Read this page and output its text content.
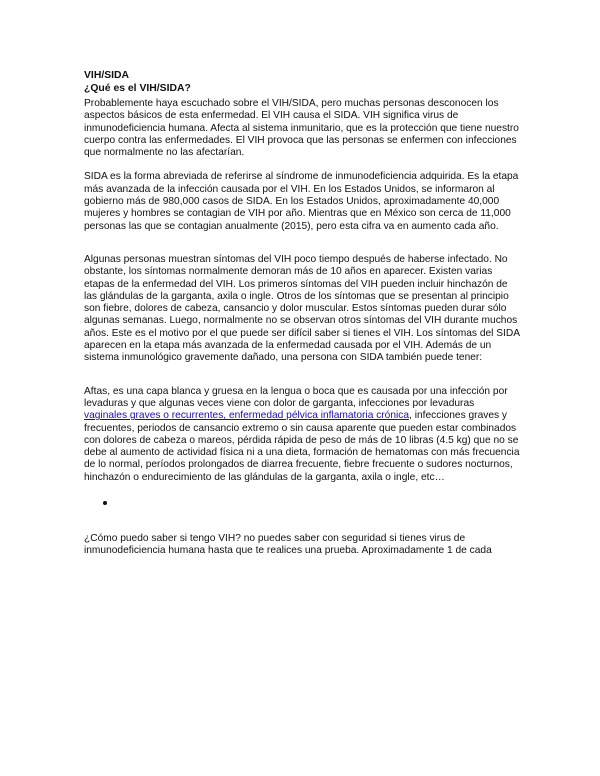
VIH/SIDA
¿Qué es el VIH/SIDA?

Probablemente haya escuchado sobre el VIH/SIDA, pero muchas personas desconocen los aspectos básicos de esta enfermedad. El VIH causa el SIDA. VIH significa virus de inmunodeficiencia humana. Afecta al sistema inmunitario, que es la protección que tiene nuestro cuerpo contra las enfermedades. El VIH provoca que las personas se enfermen con infecciones que normalmente no las afectarían.

SIDA es la forma abreviada de referirse al síndrome de inmunodeficiencia adquirida. Es la etapa más avanzada de la infección causada por el VIH. En los Estados Unidos, se informaron al gobierno más de 980,000 casos de SIDA. En los Estados Unidos, aproximadamente 40,000 mujeres y hombres se contagian de VIH por año. Mientras que en México son cerca de 11,000 personas las que se contagian anualmente (2015), pero esta cifra va en aumento cada año.

Algunas personas muestran síntomas del VIH poco tiempo después de haberse infectado. No obstante, los síntomas normalmente demoran más de 10 años en aparecer. Existen varias etapas de la enfermedad del VIH. Los primeros síntomas del VIH pueden incluir hinchazón de las glándulas de la garganta, axila o ingle. Otros de los síntomas que se presentan al principio son fiebre, dolores de cabeza, cansancio y dolor muscular. Estos síntomas pueden durar sólo algunas semanas. Luego, normalmente no se observan otros síntomas del VIH durante muchos años. Este es el motivo por el que puede ser difícil saber si tienes el VIH. Los síntomas del SIDA aparecen en la etapa más avanzada de la enfermedad causada por el VIH. Además de un sistema inmunológico gravemente dañado, una persona con SIDA también puede tener:

Aftas, es una capa blanca y gruesa en la lengua o boca que es causada por una infección por levaduras y que algunas veces viene con dolor de garganta, infecciones por levaduras vaginales graves o recurrentes, enfermedad pélvica inflamatoria crónica, infecciones graves y frecuentes, periodos de cansancio extremo o sin causa aparente que pueden estar combinados con dolores de cabeza o mareos, pérdida rápida de peso de más de 10 libras (4.5 kg) que no se debe al aumento de actividad física ni a una dieta, formación de hematomas con más frecuencia de lo normal, períodos prolongados de diarrea frecuente, fiebre frecuente o sudores nocturnos, hinchazón o endurecimiento de las glándulas de la garganta, axila o ingle, etc…

¿Cómo puedo saber si tengo VIH? no puedes saber con seguridad si tienes virus de inmunodeficiencia humana hasta que te realices una prueba. Aproximadamente 1 de cada
